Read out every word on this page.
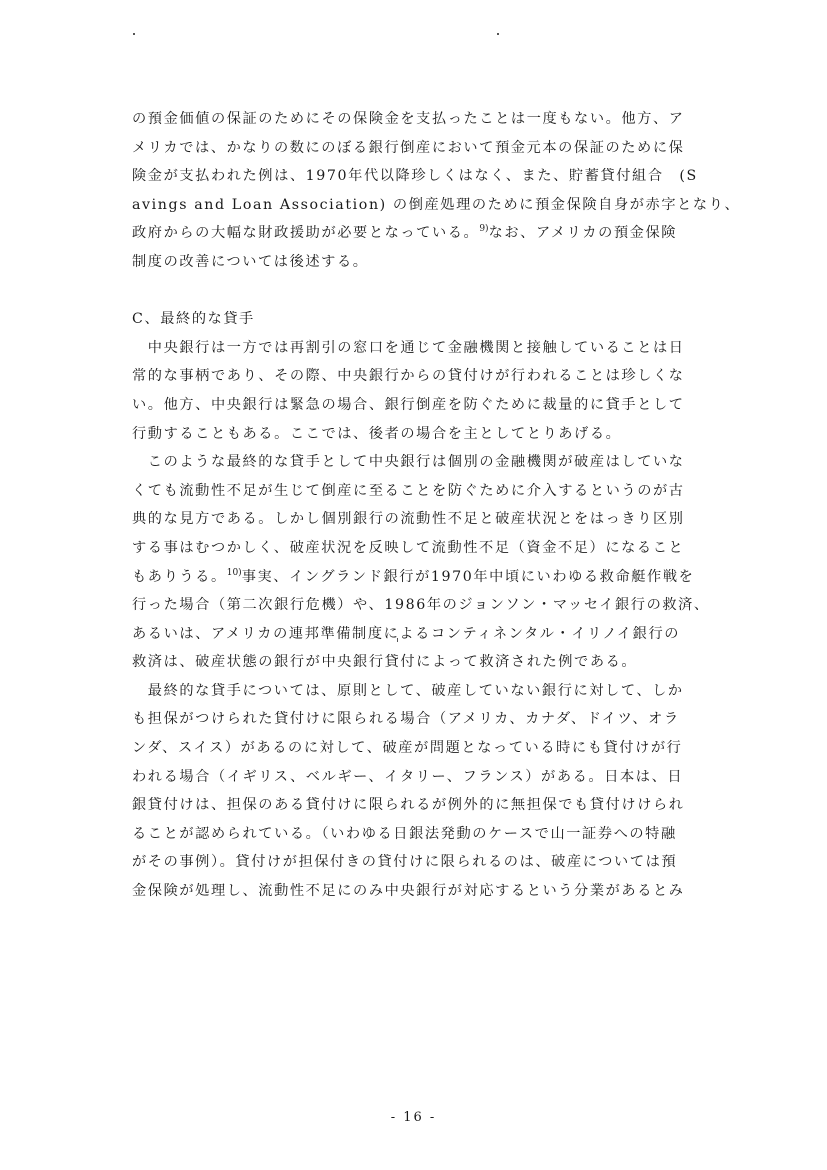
の預金価値の保証のためにその保険金を支払ったことは一度もない。他方、ア
メリカでは、かなりの数にのぼる銀行倒産において預金元本の保証のために保
険金が支払われた例は、1970年代以降珍しくはなく、また、貯蓄貸付組合　(S
avings and Loan Association) の倒産処理のために預金保険自身が赤字となり、
政府からの大幅な財政援助が必要となっている。$^{9)}$なお、アメリカの預金保険
制度の改善については後述する。
C、最終的な貸手
　中央銀行は一方では再割引の窓口を通じて金融機関と接触していることは日
常的な事柄であり、その際、中央銀行からの貸付けが行われることは珍しくな
い。他方、中央銀行は緊急の場合、銀行倒産を防ぐために裁量的に貸手として
行動することもある。ここでは、後者の場合を主としてとりあげる。
　このような最終的な貸手として中央銀行は個別の金融機関が破産はしていな
くても流動性不足が生じて倒産に至ることを防ぐために介入するというのが古
典的な見方である。しかし個別銀行の流動性不足と破産状況とをはっきり区別
する事はむつかしく、破産状況を反映して流動性不足（資金不足）になること
もありうる。$^{10)}$事実、イングランド銀行が1970年中頃にいわゆる救命艇作戦を
行った場合（第二次銀行危機）や、1986年のジョンソン・マッセイ銀行の救済、
あるいは、アメリカの連邦準備制度によるコンティネンタル・イリノイ銀行の
救済は、破産状態の銀行が中央銀行貸付によって救済された例である。
　最終的な貸手については、原則として、破産していない銀行に対して、しか
も担保がつけられた貸付けに限られる場合（アメリカ、カナダ、ドイツ、オラ
ンダ、スイス）があるのに対して、破産が問題となっている時にも貸付けが行
われる場合（イギリス、ベルギー、イタリー、フランス）がある。日本は、日
銀貸付けは、担保のある貸付けに限られるが例外的に無担保でも貸付けけられ
ることが認められている。（いわゆる日銀法発動のケースで山一証券への特融
がその事例）。貸付けが担保付きの貸付けに限られるのは、破産については預
金保険が処理し、流動性不足にのみ中央銀行が対応するという分業があるとみ
- 16 -
